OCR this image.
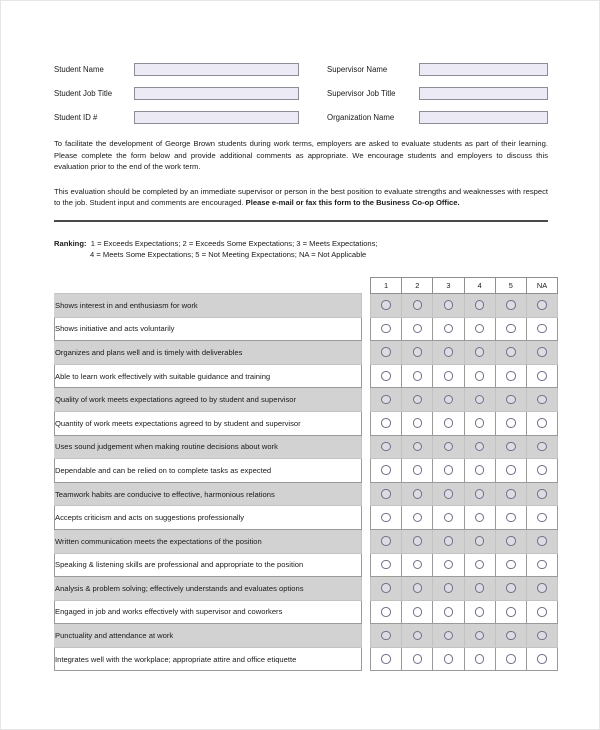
Student Name	Supervisor Name
Student Job Title	Supervisor Job Title
Student ID #	Organization Name
To facilitate the development of George Brown students during work terms, employers are asked to evaluate students as part of their learning. Please complete the form below and provide additional comments as appropriate. We encourage students and employers to discuss this evaluation prior to the end of the work term.
This evaluation should be completed by an immediate supervisor or person in the best position to evaluate strengths and weaknesses with respect to the job. Student input and comments are encouraged. Please e-mail or fax this form to the Business Co-op Office.
Ranking: 1 = Exceeds Expectations; 2 = Exceeds Some Expectations; 3 = Meets Expectations;
4 = Meets Some Expectations; 5 = Not Meeting Expectations; NA = Not Applicable
		1	2	3	4	5	NA
Shows interest in and enthusiasm for work							
Shows initiative and acts voluntarily							
Organizes and plans well and is timely with deliverables							
Able to learn work effectively with suitable guidance and training							
Quality of work meets expectations agreed to by student and supervisor							
Quantity of work meets expectations agreed to by student and supervisor							
Uses sound judgement when making routine decisions about work							
Dependable and can be relied on to complete tasks as expected							
Teamwork habits are conducive to effective, harmonious relations							
Accepts criticism and acts on suggestions professionally							
Written communication meets the expectations of the position							
Speaking & listening skills are professional and appropriate to the position							
Analysis & problem solving; effectively understands and evaluates options							
Engaged in job and works effectively with supervisor and coworkers							
Punctuality and attendance at work							
Integrates well with the workplace; appropriate attire and office etiquette							
